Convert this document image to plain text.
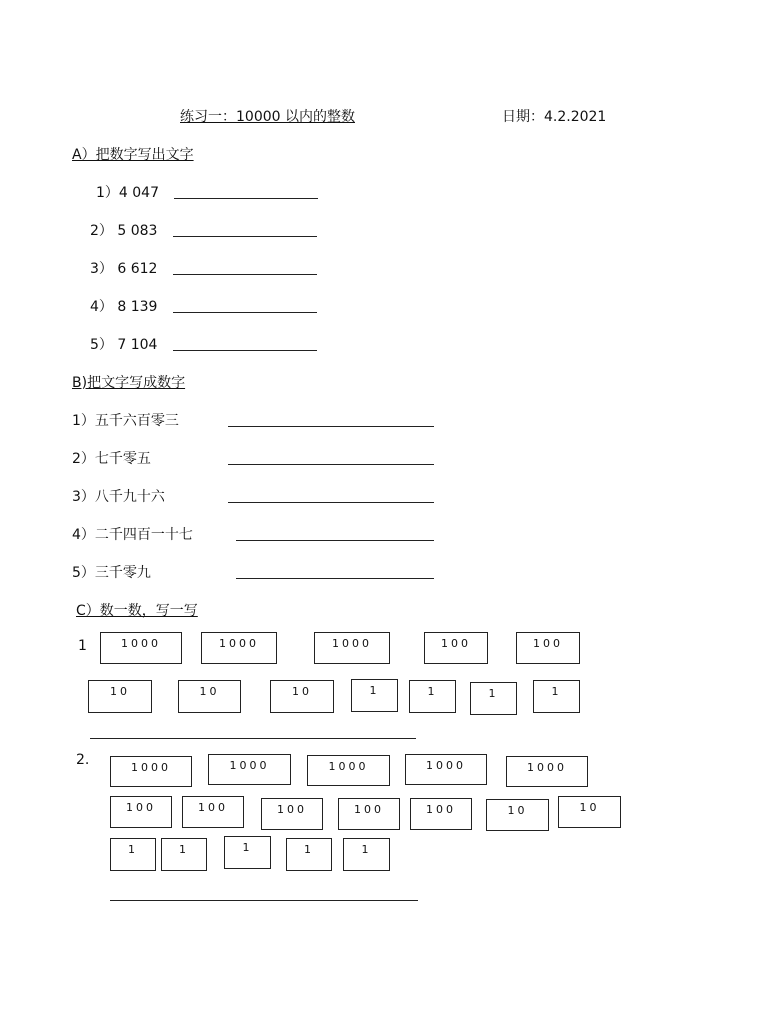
练习一：10000 以内的整数	日期：4.2.2021
A）把数字写出文字
1）4 047
2） 5 083
3） 6 612
4） 8 139
5） 7 104
B)把文字写成数字
1）五千六百零三
2）七千零五
3）八千九十六
4）二千四百一十七
5）三千零九
C）数一数，写一写
1	1000	1000	1000	100	100
10	10	10	1	1	1	1
2.	1000	1000	1000	1000	1000
100	100	100	100	100	10	10
1	1	1	1	1
